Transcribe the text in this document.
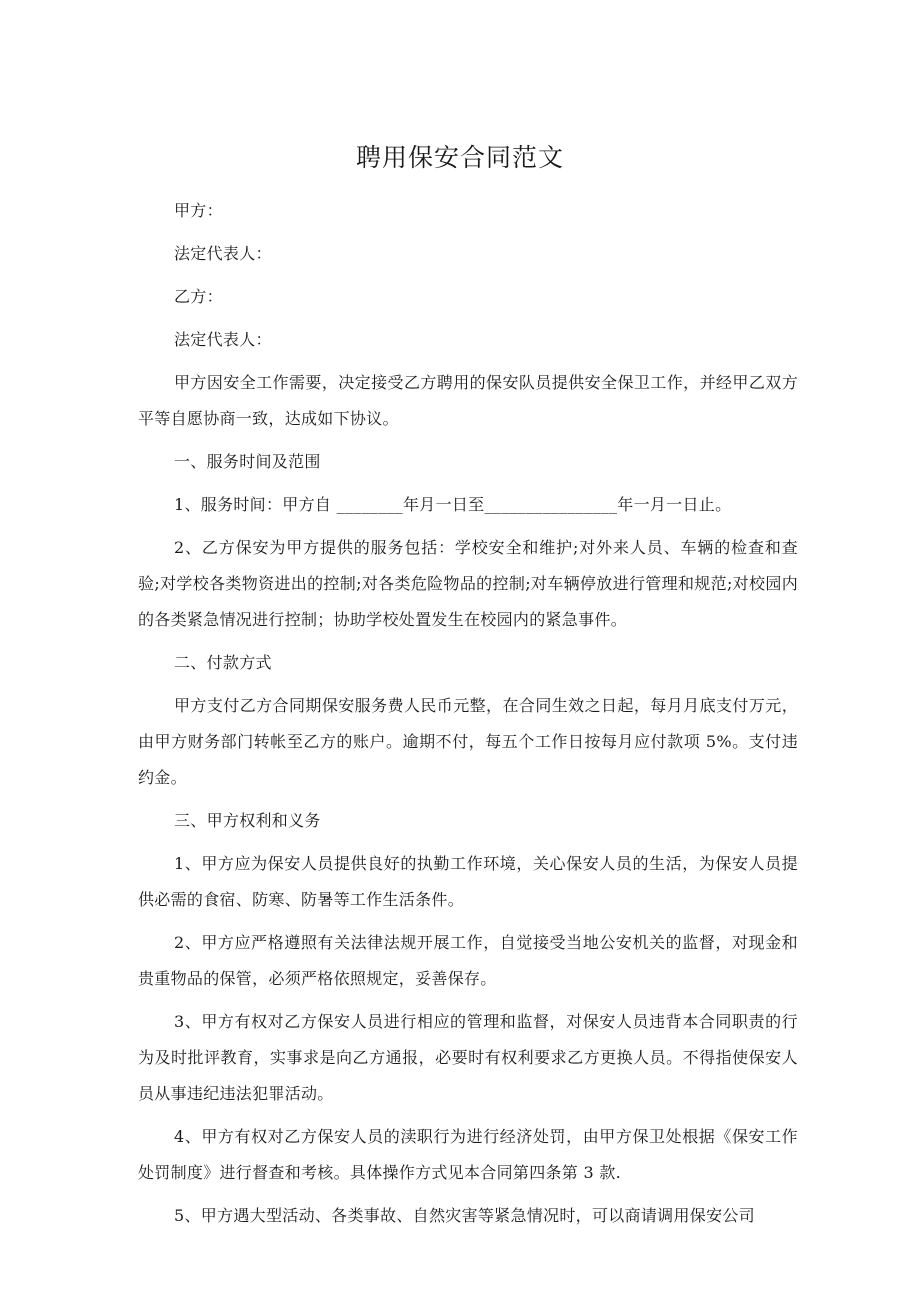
聘用保安合同范文

甲方：

法定代表人：

乙方：

法定代表人：

甲方因安全工作需要，决定接受乙方聘用的保安队员提供安全保卫工作，并经甲乙双方平等自愿协商一致，达成如下协议。

一、服务时间及范围

1、服务时间：甲方自 ________年月一日至________________年一月一日止。

2、乙方保安为甲方提供的服务包括：学校安全和维护;对外来人员、车辆的检查和查验;对学校各类物资进出的控制;对各类危险物品的控制;对车辆停放进行管理和规范;对校园内的各类紧急情况进行控制；协助学校处置发生在校园内的紧急事件。

二、付款方式

甲方支付乙方合同期保安服务费人民币元整，在合同生效之日起，每月月底支付万元，由甲方财务部门转帐至乙方的账户。逾期不付，每五个工作日按每月应付款项 5%。支付违约金。

三、甲方权利和义务

1、甲方应为保安人员提供良好的执勤工作环境，关心保安人员的生活，为保安人员提供必需的食宿、防寒、防暑等工作生活条件。

2、甲方应严格遵照有关法律法规开展工作，自觉接受当地公安机关的监督，对现金和贵重物品的保管，必须严格依照规定，妥善保存。

3、甲方有权对乙方保安人员进行相应的管理和监督，对保安人员违背本合同职责的行为及时批评教育，实事求是向乙方通报，必要时有权利要求乙方更换人员。不得指使保安人员从事违纪违法犯罪活动。

4、甲方有权对乙方保安人员的渎职行为进行经济处罚，由甲方保卫处根据《保安工作处罚制度》进行督查和考核。具体操作方式见本合同第四条第 3 款.

5、甲方遇大型活动、各类事故、自然灾害等紧急情况时，可以商请调用保安公司
